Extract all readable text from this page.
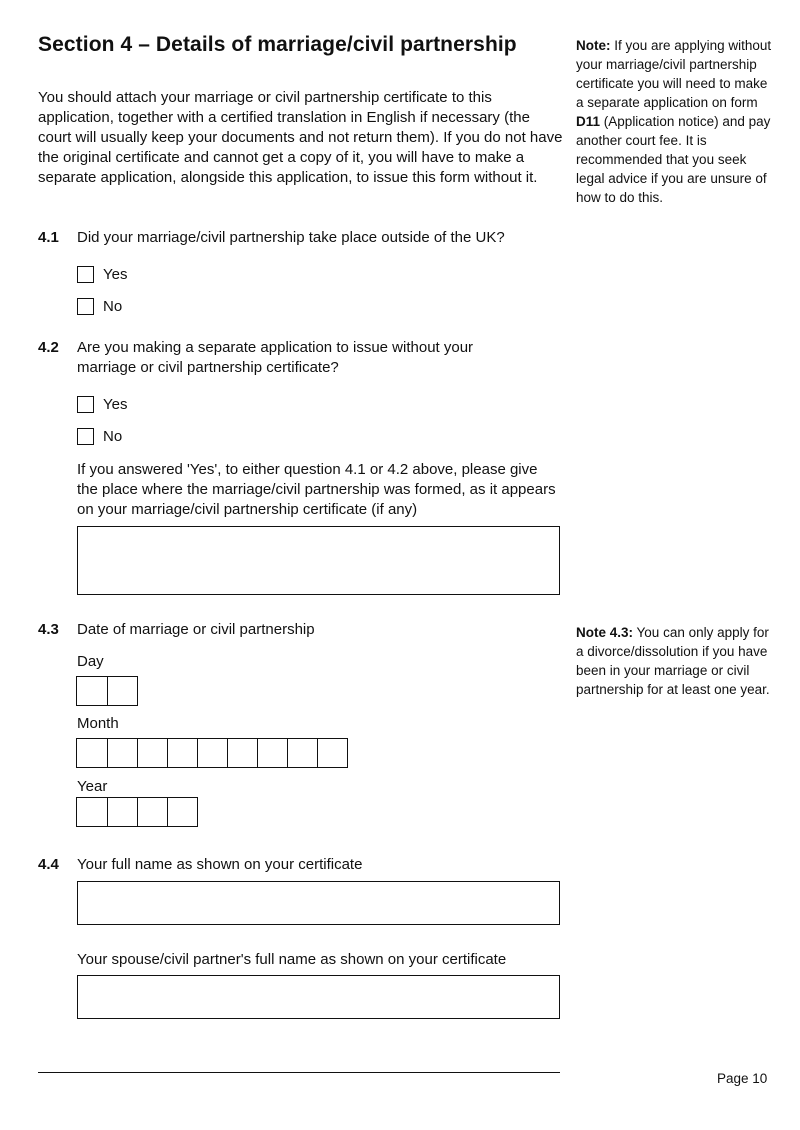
Section 4 – Details of marriage/civil partnership
You should attach your marriage or civil partnership certificate to this application, together with a certified translation in English if necessary (the court will usually keep your documents and not return them). If you do not have the original certificate and cannot get a copy of it, you will have to make a separate application, alongside this application, to issue this form without it.
Note: If you are applying without your marriage/civil partnership certificate you will need to make a separate application on form D11 (Application notice) and pay another court fee. It is recommended that you seek legal advice if you are unsure of how to do this.
4.1 Did your marriage/civil partnership take place outside of the UK?
Yes
No
4.2 Are you making a separate application to issue without your marriage or civil partnership certificate?
Yes
No
If you answered 'Yes', to either question 4.1 or 4.2 above, please give the place where the marriage/civil partnership was formed, as it appears on your marriage/civil partnership certificate (if any)
4.3 Date of marriage or civil partnership
Day
Month
Year
Note 4.3: You can only apply for a divorce/dissolution if you have been in your marriage or civil partnership for at least one year.
4.4 Your full name as shown on your certificate
Your spouse/civil partner's full name as shown on your certificate
Page 10
